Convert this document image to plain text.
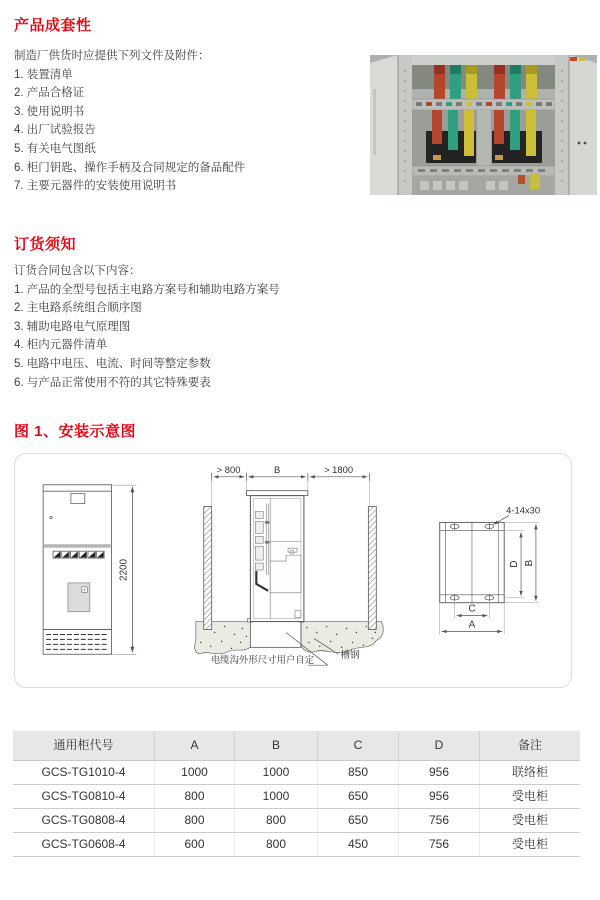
产品成套性
制造厂供货时应提供下列文件及附件：
1. 装置清单
2. 产品合格证
3. 使用说明书
4. 出厂试验报告
5. 有关电气图纸
6. 柜门钥匙、操作手柄及合同规定的备品配件
7. 主要元器件的安装使用说明书
订货须知
订货合同包含以下内容：
1. 产品的全型号包括主电路方案号和辅助电路方案号
2. 主电路系统组合顺序图
3. 辅助电路电气原理图
4. 柜内元器件清单
5. 电路中电压、电流、时间等整定参数
6. 与产品正常使用不符的其它特殊要表
图 1、安装示意图
2200
> 800	B	> 1800
电缆沟外形尺寸用户自定	槽钢
4-14x30
D B
C
A
通用柜代号	A	B	C	D	备注
GCS-TG1010-4	1000	1000	850	956	联络柜
GCS-TG0810-4	800	1000	650	956	受电柜
GCS-TG0808-4	800	800	650	756	受电柜
GCS-TG0608-4	600	800	450	756	受电柜
